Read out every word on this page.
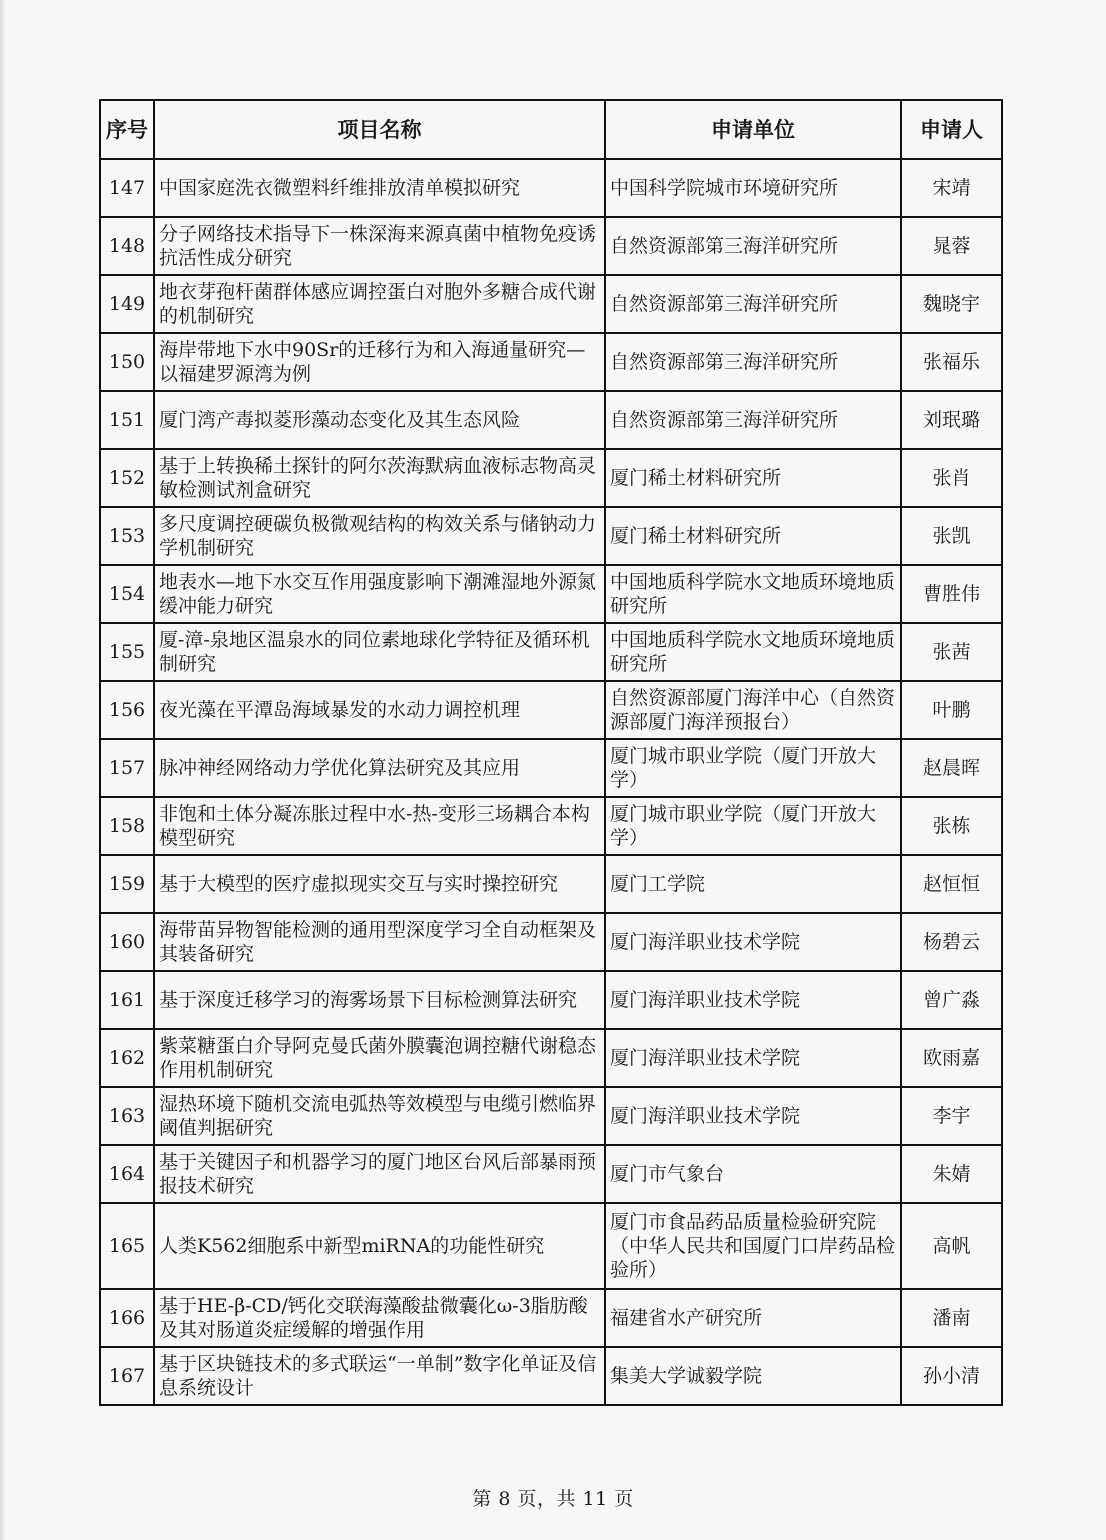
序号	项目名称	申请单位	申请人
147	中国家庭洗衣微塑料纤维排放清单模拟研究	中国科学院城市环境研究所	宋靖
148	分子网络技术指导下一株深海来源真菌中植物免疫诱抗活性成分研究	自然资源部第三海洋研究所	晁蓉
149	地衣芽孢杆菌群体感应调控蛋白对胞外多糖合成代谢的机制研究	自然资源部第三海洋研究所	魏晓宇
150	海岸带地下水中90Sr的迁移行为和入海通量研究—以福建罗源湾为例	自然资源部第三海洋研究所	张福乐
151	厦门湾产毒拟菱形藻动态变化及其生态风险	自然资源部第三海洋研究所	刘珉璐
152	基于上转换稀土探针的阿尔茨海默病血液标志物高灵敏检测试剂盒研究	厦门稀土材料研究所	张肖
153	多尺度调控硬碳负极微观结构的构效关系与储钠动力学机制研究	厦门稀土材料研究所	张凯
154	地表水—地下水交互作用强度影响下潮滩湿地外源氮缓冲能力研究	中国地质科学院水文地质环境地质研究所	曹胜伟
155	厦-漳-泉地区温泉水的同位素地球化学特征及循环机制研究	中国地质科学院水文地质环境地质研究所	张茜
156	夜光藻在平潭岛海域暴发的水动力调控机理	自然资源部厦门海洋中心（自然资源部厦门海洋预报台）	叶鹏
157	脉冲神经网络动力学优化算法研究及其应用	厦门城市职业学院（厦门开放大学）	赵晨晖
158	非饱和土体分凝冻胀过程中水-热-变形三场耦合本构模型研究	厦门城市职业学院（厦门开放大学）	张栋
159	基于大模型的医疗虚拟现实交互与实时操控研究	厦门工学院	赵恒恒
160	海带苗异物智能检测的通用型深度学习全自动框架及其装备研究	厦门海洋职业技术学院	杨碧云
161	基于深度迁移学习的海雾场景下目标检测算法研究	厦门海洋职业技术学院	曾广淼
162	紫菜糖蛋白介导阿克曼氏菌外膜囊泡调控糖代谢稳态作用机制研究	厦门海洋职业技术学院	欧雨嘉
163	湿热环境下随机交流电弧热等效模型与电缆引燃临界阈值判据研究	厦门海洋职业技术学院	李宇
164	基于关键因子和机器学习的厦门地区台风后部暴雨预报技术研究	厦门市气象台	朱婧
165	人类K562细胞系中新型miRNA的功能性研究	厦门市食品药品质量检验研究院（中华人民共和国厦门口岸药品检验所）	高帆
166	基于HE-β-CD/钙化交联海藻酸盐微囊化ω-3脂肪酸及其对肠道炎症缓解的增强作用	福建省水产研究所	潘南
167	基于区块链技术的多式联运“一单制”数字化单证及信息系统设计	集美大学诚毅学院	孙小清
第 8 页，共 11 页
